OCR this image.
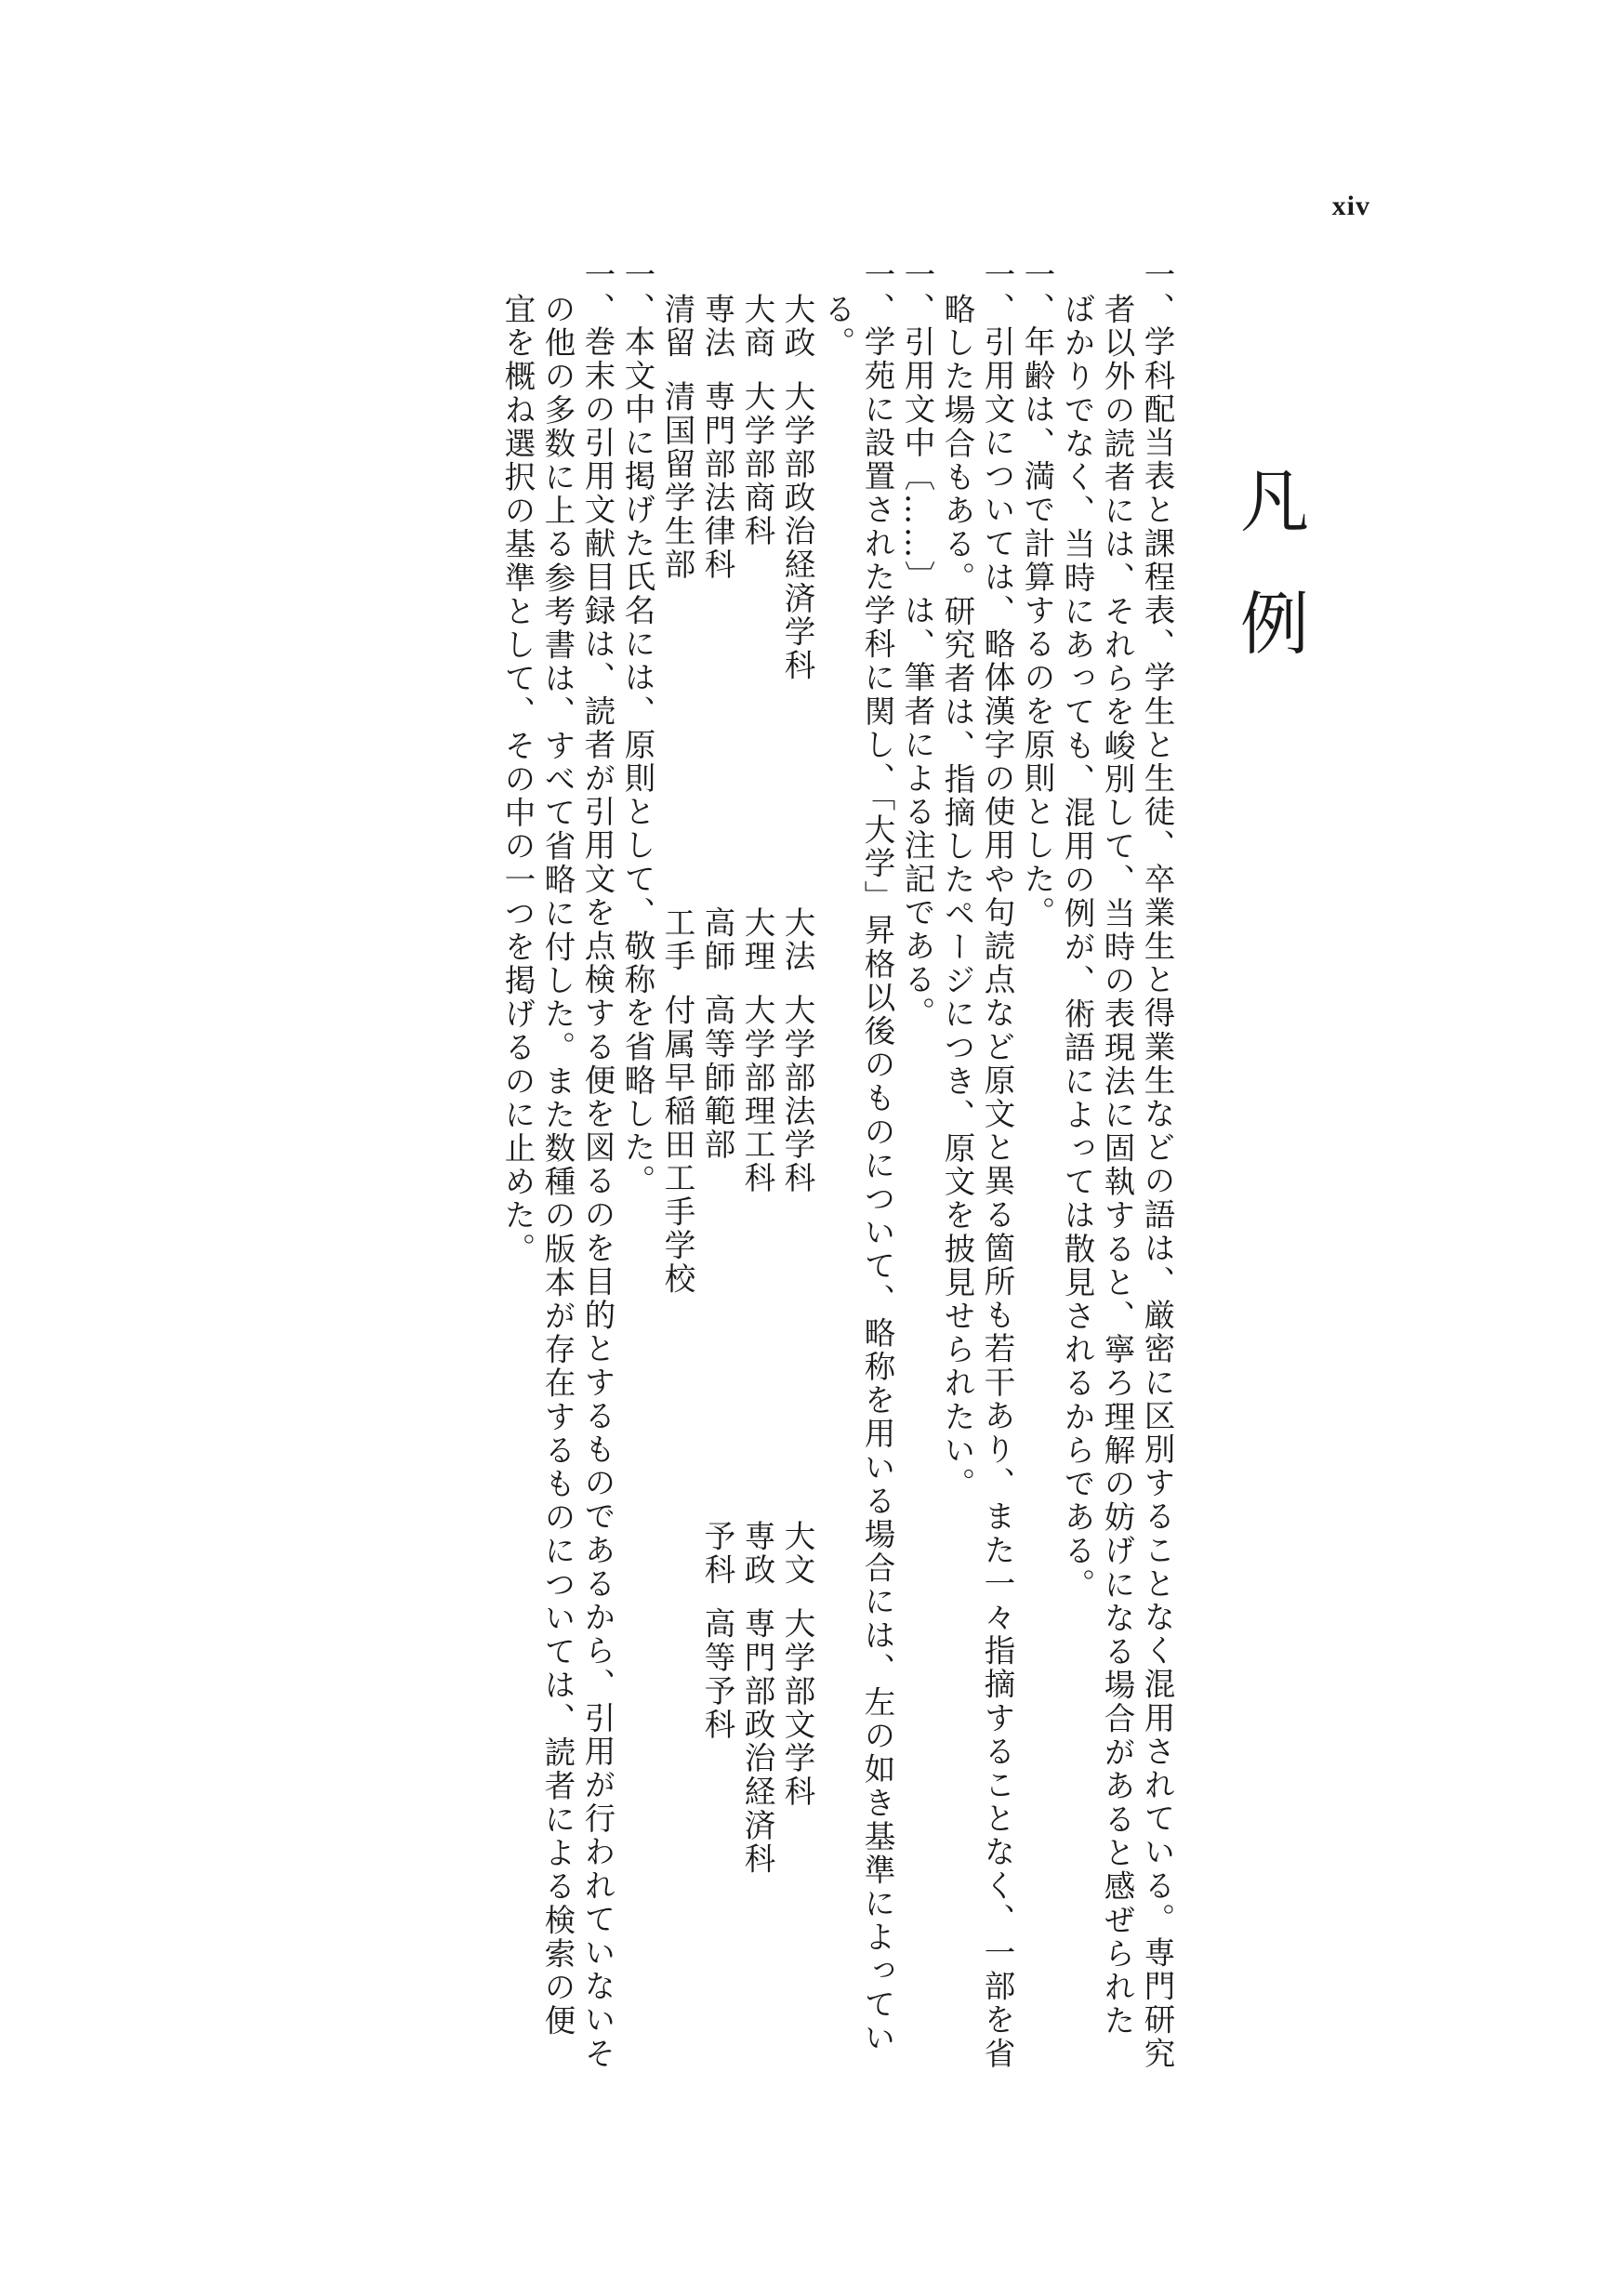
xiv
凡例

一、学科配当表と課程表、学生と生徒、卒業生と得業生などの語は、厳密に区別することなく混用されている。専門研究者以外の読者には、それらを峻別して、当時の表現法に固執すると、寧ろ理解の妨げになる場合があると感ぜられたばかりでなく、当時にあっても、混用の例が、術語によっては散見されるからである。

一、年齢は、満で計算するのを原則とした。

一、引用文については、略体漢字の使用や句読点など原文と異る箇所も若干あり、また一々指摘することなく、一部を省略した場合もある。研究者は、指摘したページにつき、原文を披見せられたい。

一、引用文中〔……〕は、筆者による注記である。

一、学苑に設置された学科に関し、「大学」昇格以後のものについて、略称を用いる場合には、左の如き基準によっている。

大政大学部政治経済学科大法大学部法学科大文大学部文学科
大商大学部商科大理大学部理工科専政専門部政治経済科
専法専門部法律科高師高等師範部予科高等予科
清留清国留学生部工手付属早稲田工手学校

一、本文中に掲げた氏名には、原則として、敬称を省略した。

一、巻末の引用文献目録は、読者が引用文を点検する便を図るのを目的とするものであるから、引用が行われていないその他の多数に上る参考書は、すべて省略に付した。また数種の版本が存在するものについては、読者による検索の便宜を概ね選択の基準として、その中の一つを掲げるのに止めた。
